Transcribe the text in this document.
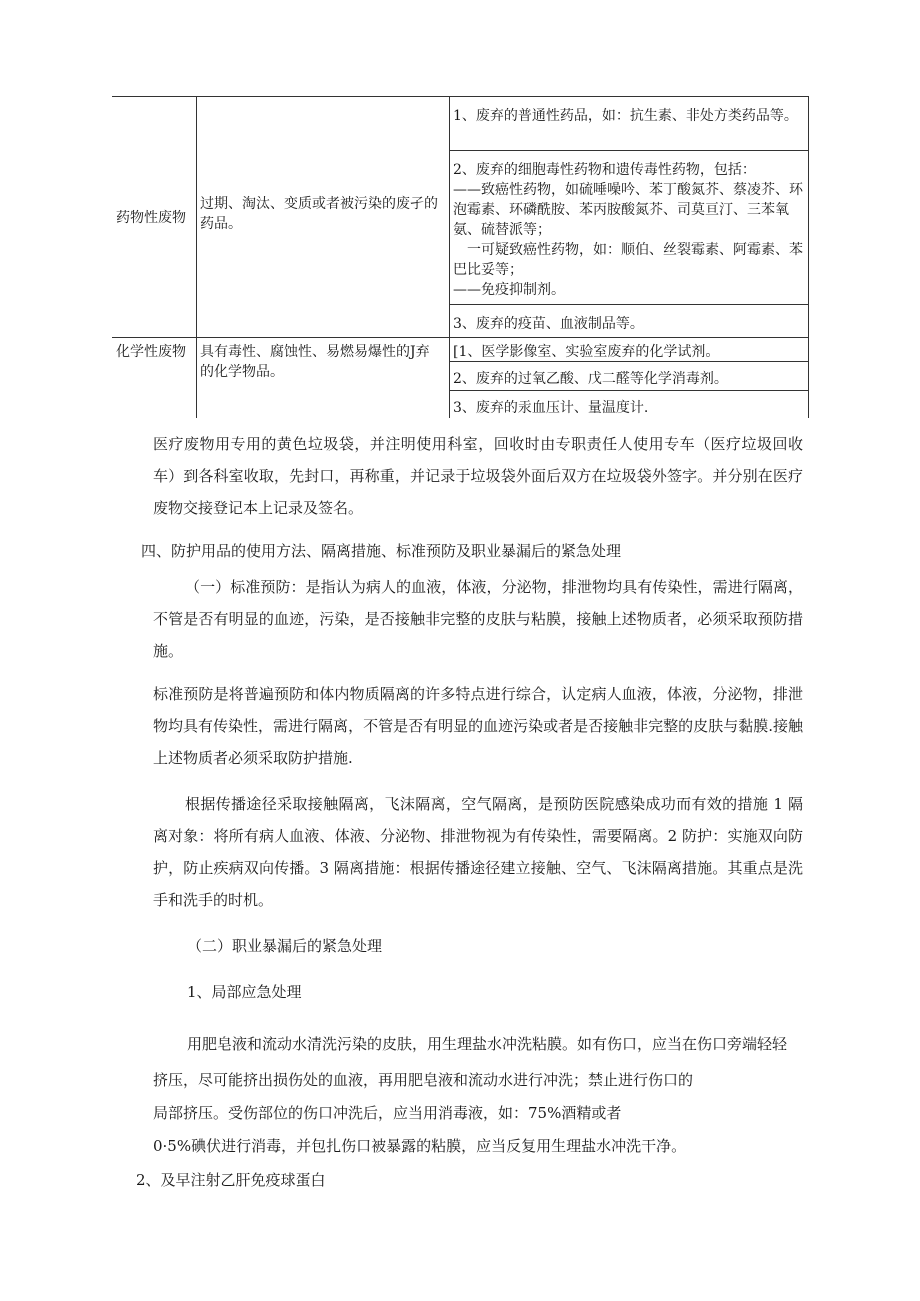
药物性废物
过期、淘汰、变质或者被污染的废孑的药品。
1、废弃的普通性药品，如：抗生素、非处方类药品等。
2、废弃的细胞毒性药物和遗传毒性药物，包括：
——致癌性药物，如硫唾噪吟、苯丁酸氮芥、蔡凌芥、环泡霉素、环磷酰胺、苯丙胺酸氮芥、司莫亘汀、三苯氧氨、硫替派等；
　一可疑致癌性药物，如：顺伯、丝裂霉素、阿霉素、苯巴比妥等；
——免疫抑制剂。
3、废弃的疫苗、血液制品等。
化学性废物	具有毒性、腐蚀性、易燃易爆性的J弃的化学物品。
[1、医学影像室、实验室废弃的化学试剂。
2、废弃的过氧乙酸、戊二醛等化学消毒剂。
3、废弃的汞血压计、量温度计.
医疗废物用专用的黄色垃圾袋，并注明使用科室，回收时由专职责任人使用专车（医疗垃圾回收车）到各科室收取，先封口，再称重，并记录于垃圾袋外面后双方在垃圾袋外签字。并分别在医疗废物交接登记本上记录及签名。
四、防护用品的使用方法、隔离措施、标准预防及职业暴漏后的紧急处理
（一）标准预防：是指认为病人的血液，体液，分泌物，排泄物均具有传染性，需进行隔离，不管是否有明显的血迹，污染，是否接触非完整的皮肤与粘膜，接触上述物质者，必须采取预防措施。
标准预防是将普遍预防和体内物质隔离的许多特点进行综合，认定病人血液，体液，分泌物，排泄物均具有传染性，需进行隔离，不管是否有明显的血迹污染或者是否接触非完整的皮肤与黏膜.接触上述物质者必须采取防护措施.
根据传播途径采取接触隔离，飞沫隔离，空气隔离，是预防医院感染成功而有效的措施 1 隔离对象：将所有病人血液、体液、分泌物、排泄物视为有传染性，需要隔离。2 防护：实施双向防护，防止疾病双向传播。3 隔离措施：根据传播途径建立接触、空气、飞沫隔离措施。其重点是洗手和洗手的时机。
（二）职业暴漏后的紧急处理
1、局部应急处理
用肥皂液和流动水清洗污染的皮肤，用生理盐水冲洗粘膜。如有伤口，应当在伤口旁端轻轻
挤压，尽可能挤出损伤处的血液，再用肥皂液和流动水进行冲洗；禁止进行伤口的
局部挤压。受伤部位的伤口冲洗后，应当用消毒液，如：75%酒精或者
0·5%碘伏进行消毒，并包扎伤口被暴露的粘膜，应当反复用生理盐水冲洗干净。
2、及早注射乙肝免疫球蛋白
